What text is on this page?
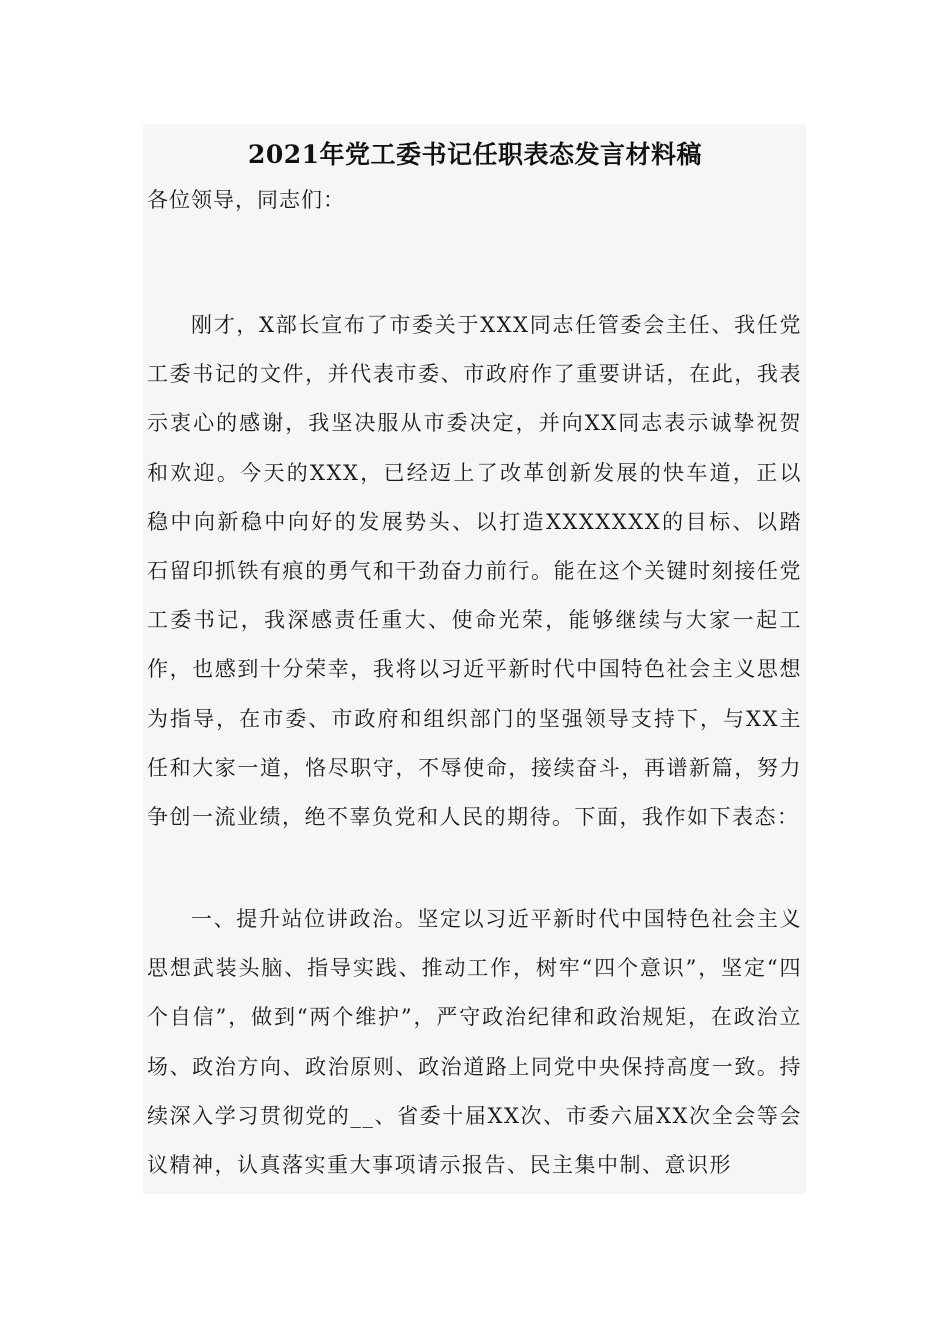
2021年党工委书记任职表态发言材料稿
各位领导，同志们：
刚才，X部长宣布了市委关于XXX同志任管委会主任、我任党工委书记的文件，并代表市委、市政府作了重要讲话，在此，我表示衷心的感谢，我坚决服从市委决定，并向XX同志表示诚挚祝贺和欢迎。今天的XXX，已经迈上了改革创新发展的快车道，正以稳中向新稳中向好的发展势头、以打造XXXXXXX的目标、以踏石留印抓铁有痕的勇气和干劲奋力前行。能在这个关键时刻接任党工委书记，我深感责任重大、使命光荣，能够继续与大家一起工作，也感到十分荣幸，我将以习近平新时代中国特色社会主义思想为指导，在市委、市政府和组织部门的坚强领导支持下，与XX主任和大家一道，恪尽职守，不辱使命，接续奋斗，再谱新篇，努力争创一流业绩，绝不辜负党和人民的期待。下面，我作如下表态：
一、提升站位讲政治。坚定以习近平新时代中国特色社会主义思想武装头脑、指导实践、推动工作，树牢“四个意识”，坚定“四个自信”，做到“两个维护”，严守政治纪律和政治规矩，在政治立场、政治方向、政治原则、政治道路上同党中央保持高度一致。持续深入学习贯彻党的__、省委十届XX次、市委六届XX次全会等会议精神，认真落实重大事项请示报告、民主集中制、意识形
